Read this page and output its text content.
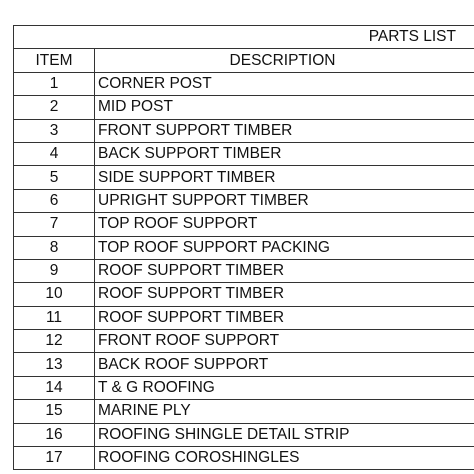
PARTS LIST	
ITEM	DESCRIPTION
1	CORNER POST
2	MID POST
3	FRONT SUPPORT TIMBER
4	BACK SUPPORT TIMBER
5	SIDE SUPPORT TIMBER
6	UPRIGHT SUPPORT TIMBER
7	TOP ROOF SUPPORT
8	TOP ROOF SUPPORT PACKING
9	ROOF SUPPORT TIMBER
10	ROOF SUPPORT TIMBER
11	ROOF SUPPORT TIMBER
12	FRONT ROOF SUPPORT
13	BACK ROOF SUPPORT
14	T & G ROOFING
15	MARINE PLY
16	ROOFING SHINGLE DETAIL STRIP
17	ROOFING COROSHINGLES
